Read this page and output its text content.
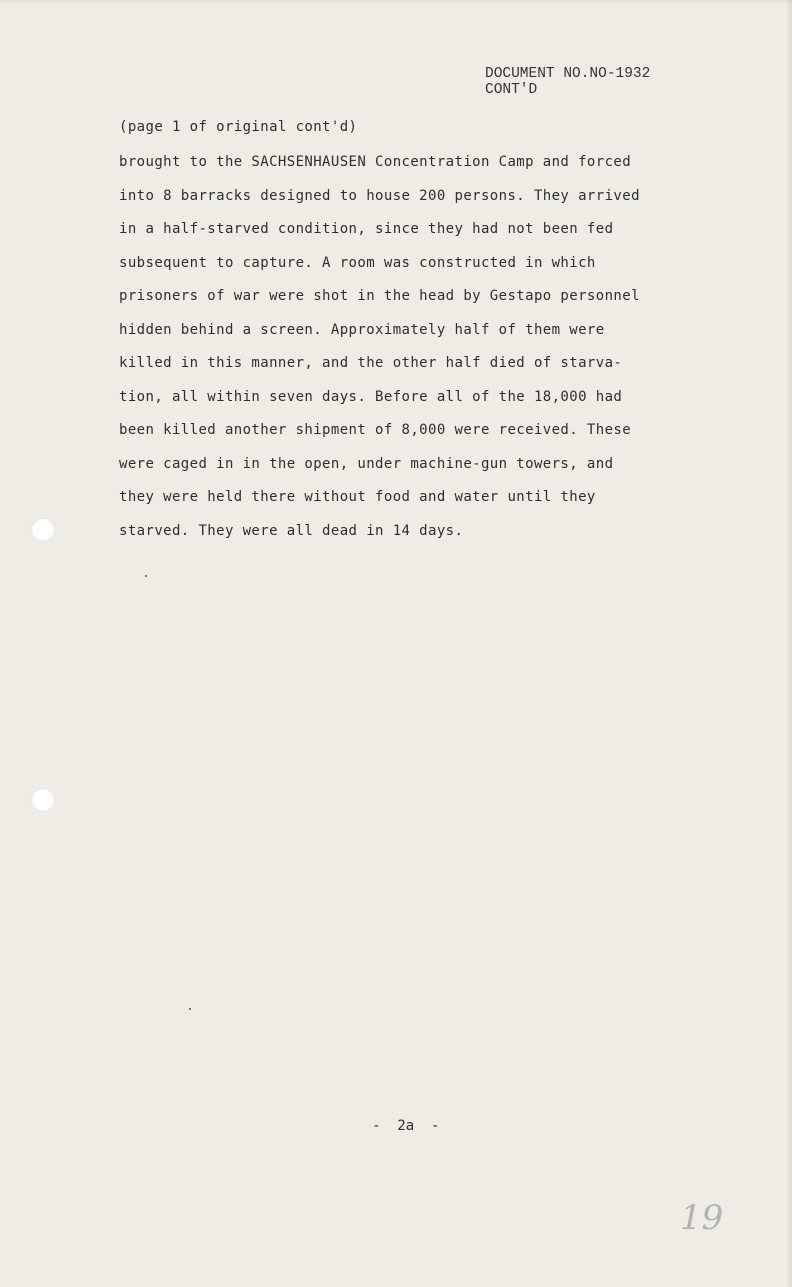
DOCUMENT NO.NO-1932
CONT'D
(page 1 of original cont'd)
brought to the SACHSENHAUSEN Concentration Camp and forced
into 8 barracks designed to house 200 persons. They arrived
in a half-starved condition, since they had not been fed
subsequent to capture. A room was constructed in which
prisoners of war were shot in the head by Gestapo personnel
hidden behind a screen. Approximately half of them were
killed in this manner, and the other half died of starva-
tion, all within seven days. Before all of the 18,000 had
been killed another shipment of 8,000 were received. These
were caged in in the open, under machine-gun towers, and
they were held there without food and water until they
starved. They were all dead in 14 days.
-  2a  -
19
